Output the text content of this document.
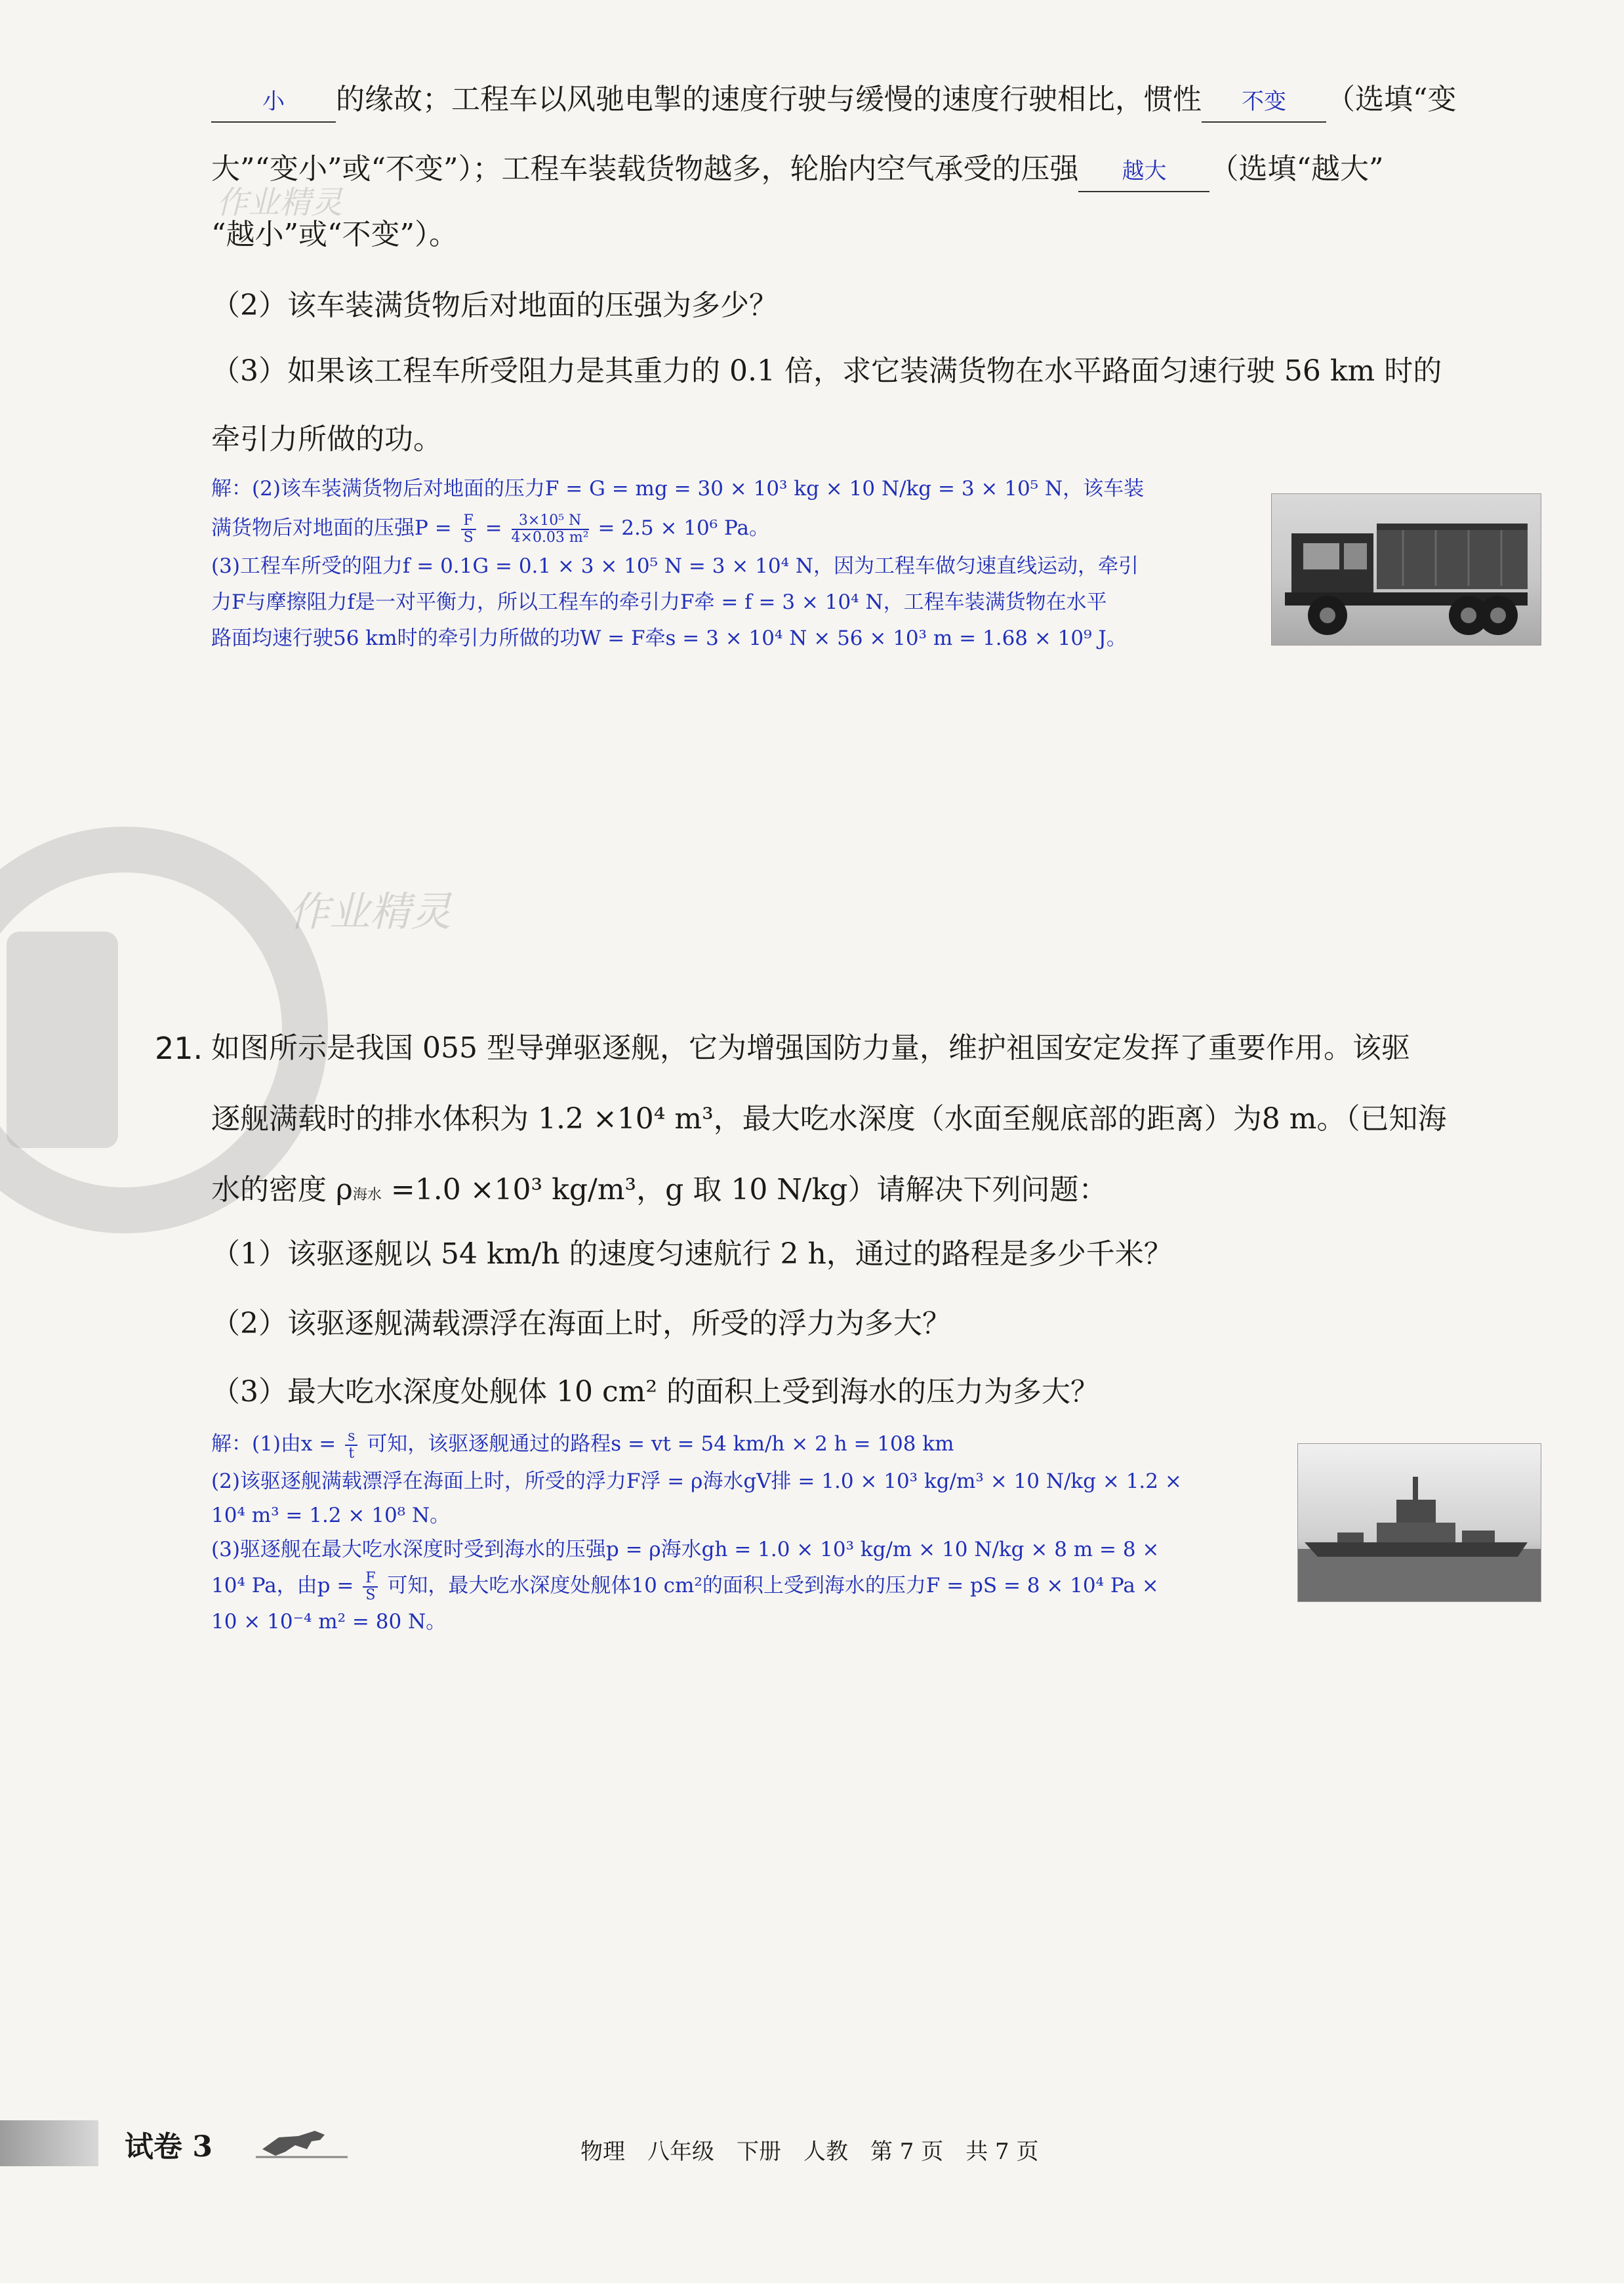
作业精灵
作业精灵
小 的缘故；工程车以风驰电掣的速度行驶与缓慢的速度行驶相比，惯性 不变 （选填“变
大”“变小”或“不变”）；工程车装载货物越多，轮胎内空气承受的压强 越大 （选填“越大”
“越小”或“不变”）。
（2）该车装满货物后对地面的压强为多少？
（3）如果该工程车所受阻力是其重力的 0.1 倍，求它装满货物在水平路面匀速行驶 56 km 时的
牵引力所做的功。
解：(2)该车装满货物后对地面的压力F = G = mg = 30 × 10³ kg × 10 N/kg = 3 × 10⁵ N，该车装
满货物后对地面的压强$P = \frac{F}{S} = \frac{\text{3×10⁵ N}}{\text{4×0.03 m²}} = 2.5 \times 10^6$ Pa。
(3)工程车所受的阻力f = 0.1G = 0.1 × 3 × 10⁵ N = 3 × 10⁴ N，因为工程车做匀速直线运动，牵引
力F与摩擦阻力f是一对平衡力，所以工程车的牵引力F牵 = f = 3 × 10⁴ N，工程车装满货物在水平
路面均速行驶56 km时的牵引力所做的功W = F牵s = 3 × 10⁴ N × 56 × 10³ m = 1.68 × 10⁹ J。
21. 如图所示是我国 055 型导弹驱逐舰，它为增强国防力量，维护祖国安定发挥了重要作用。该驱
逐舰满载时的排水体积为 1.2 ×10⁴ m³，最大吃水深度（水面至舰底部的距离）为8 m。（已知海
水的密度 ρ海水 =1.0 ×10³ kg/m³，g 取 10 N/kg）请解决下列问题：
（1）该驱逐舰以 54 km/h 的速度匀速航行 2 h，通过的路程是多少千米？
（2）该驱逐舰满载漂浮在海面上时，所受的浮力为多大？
（3）最大吃水深度处舰体 10 cm² 的面积上受到海水的压力为多大？
解：(1)由$x = \frac{s}{t}$ 可知，该驱逐舰通过的路程s = vt = 54 km/h × 2 h = 108 km
(2)该驱逐舰满载漂浮在海面上时，所受的浮力F浮 = ρ海水gV排 = 1.0 × 10³ kg/m³ × 10 N/kg × 1.2 ×
10⁴ m³ = 1.2 × 10⁸ N。
(3)驱逐舰在最大吃水深度时受到海水的压强p = ρ海水gh = 1.0 × 10³ kg/m × 10 N/kg × 8 m = 8 ×
10⁴ Pa，由$p = \frac{F}{S}$ 可知，最大吃水深度处舰体10 cm²的面积上受到海水的压力F = pS = 8 × 10⁴ Pa ×
10 × 10⁻⁴ m² = 80 N。
试卷 3	物理　八年级　下册　人教　第 7 页　共 7 页
